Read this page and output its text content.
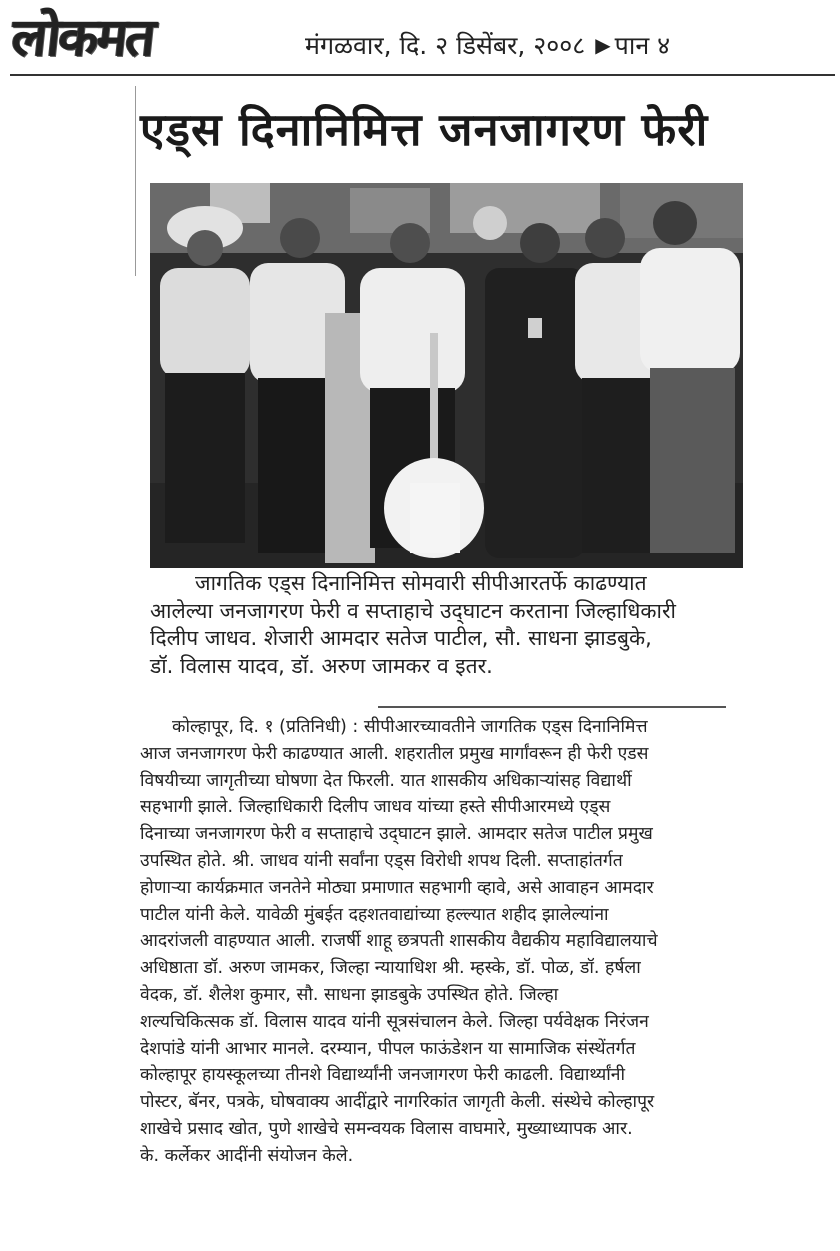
लोकमत	मंगळवार, दि. २ डिसेंबर, २००८ ▶ पान ४
एड्स दिनानिमित्त जनजागरण फेरी
जागतिक एड्स दिनानिमित्त सोमवारी सीपीआरतर्फे काढण्यात
आलेल्या जनजागरण फेरी व सप्ताहाचे उद्‌घाटन करताना जिल्हाधिकारी
दिलीप जाधव. शेजारी आमदार सतेज पाटील, सौ. साधना झाडबुके,
डॉ. विलास यादव, डॉ. अरुण जामकर व इतर.
कोल्हापूर, दि. १ (प्रतिनिधी) : सीपीआरच्यावतीने जागतिक एड्स दिनानिमित्त
आज जनजागरण फेरी काढण्यात आली. शहरातील प्रमुख मार्गांवरून ही फेरी एडस
विषयीच्या जागृतीच्या घोषणा देत फिरली. यात शासकीय अधिकाऱ्यांसह विद्यार्थी
सहभागी झाले. जिल्हाधिकारी दिलीप जाधव यांच्या हस्ते सीपीआरमध्ये एड्स
दिनाच्या जनजागरण फेरी व सप्ताहाचे उद्‌घाटन झाले. आमदार सतेज पाटील प्रमुख
उपस्थित होते. श्री. जाधव यांनी सर्वांना एड्स विरोधी शपथ दिली. सप्ताहांतर्गत
होणाऱ्या कार्यक्रमात जनतेने मोठ्या प्रमाणात सहभागी व्हावे, असे आवाहन आमदार
पाटील यांनी केले. यावेळी मुंबईत दहशतवाद्यांच्या हल्ल्यात शहीद झालेल्यांना
आदरांजली वाहण्यात आली. राजर्षी शाहू छत्रपती शासकीय वैद्यकीय महाविद्यालयाचे
अधिष्ठाता डॉ. अरुण जामकर, जिल्हा न्यायाधिश श्री. म्हस्के, डॉ. पोळ, डॉ. हर्षला
वेदक, डॉ. शैलेश कुमार, सौ. साधना झाडबुके उपस्थित होते. जिल्हा
शल्यचिकित्सक डॉ. विलास यादव यांनी सूत्रसंचालन केले. जिल्हा पर्यवेक्षक निरंजन
देशपांडे यांनी आभार मानले. दरम्यान, पीपल फाऊंडेशन या सामाजिक संस्थेंतर्गत
कोल्हापूर हायस्कूलच्या तीनशे विद्यार्थ्यांनी जनजागरण फेरी काढली. विद्यार्थ्यांनी
पोस्टर, बॅनर, पत्रके, घोषवाक्य आदींद्वारे नागरिकांत जागृती केली. संस्थेचे कोल्हापूर
शाखेचे प्रसाद खोत, पुणे शाखेचे समन्वयक विलास वाघमारे, मुख्याध्यापक आर.
के. कर्लेकर आदींनी संयोजन केले.
